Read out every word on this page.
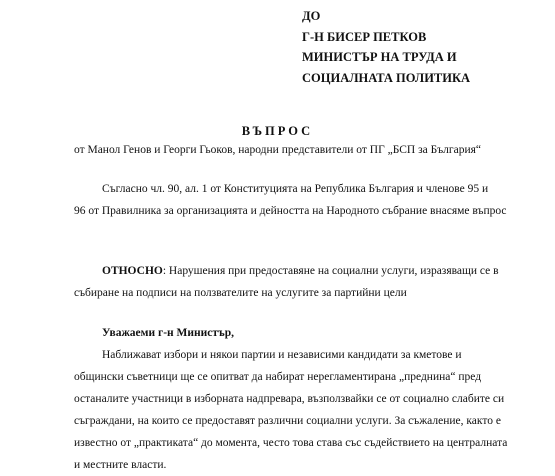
ДО
Г-Н БИСЕР ПЕТКОВ
МИНИСТЪР НА ТРУДА И
СОЦИАЛНАТА ПОЛИТИКА
ВЪПРОС
от Манол Генов и Георги Гьоков, народни представители от ПГ „БСП за България“
Съгласно чл. 90, ал. 1 от Конституцията на Република България и членове 95 и
96 от Правилника за организацията и дейността на Народното събрание внасяме въпрос
ОТНОСНО: Нарушения при предоставяне на социални услуги, изразяващи се в
събиране на подписи на ползвателите на услугите за партийни цели
Уважаеми г-н Министър,
Наближават избори и някои партии и независими кандидати за кметове и
общински съветници ще се опитват да набират нерегламентирана „преднина“ пред
останалите участници в изборната надпревара, възползвайки се от социално слабите си
съграждани, на които се предоставят различни социални услуги. За съжаление, както е
известно от „практиката“ до момента, често това става със съдействието на централната
и местните власти.
